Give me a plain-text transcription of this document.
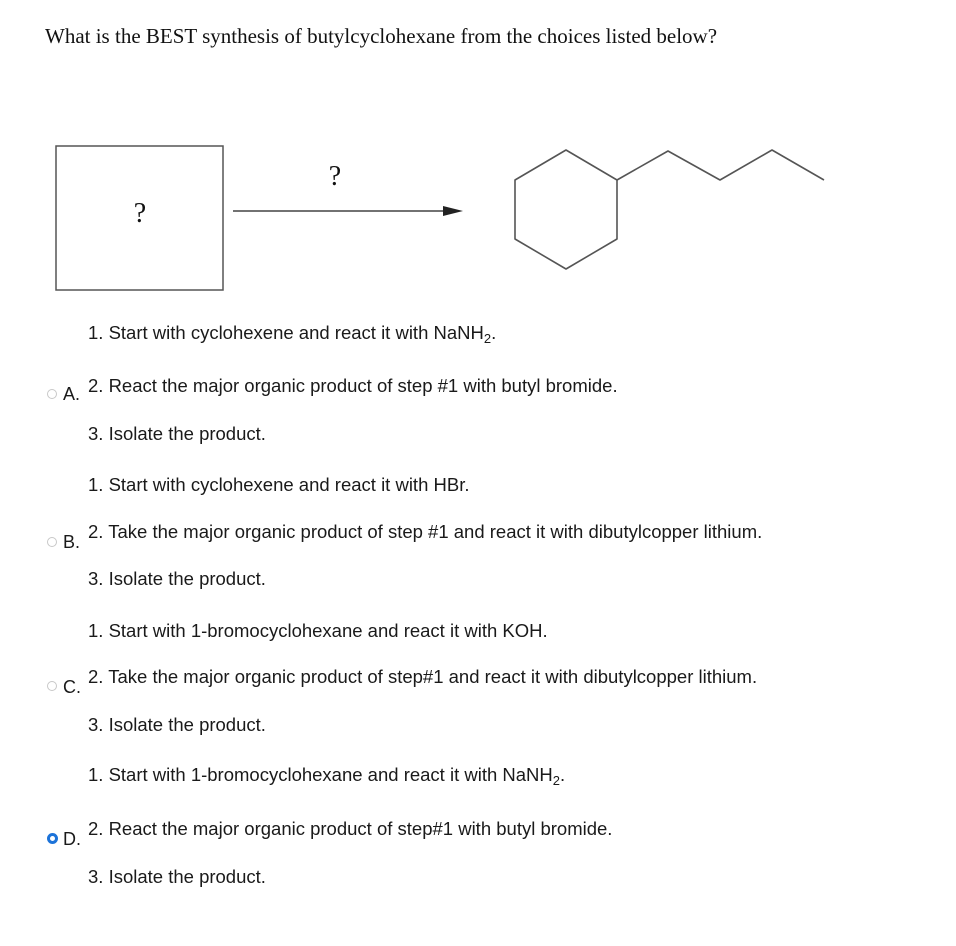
What is the BEST synthesis of butylcyclohexane from the choices listed below?
?
?
1. Start with cyclohexene and react it with NaNH$_2$.
A. 2. React the major organic product of step #1 with butyl bromide.
3. Isolate the product.
1. Start with cyclohexene and react it with HBr.
B. 2. Take the major organic product of step #1 and react it with dibutylcopper lithium.
3. Isolate the product.
1. Start with 1-bromocyclohexane and react it with KOH.
C. 2. Take the major organic product of step#1 and react it with dibutylcopper lithium.
3. Isolate the product.
1. Start with 1-bromocyclohexane and react it with NaNH$_2$.
D. 2. React the major organic product of step#1 with butyl bromide.
3. Isolate the product.
